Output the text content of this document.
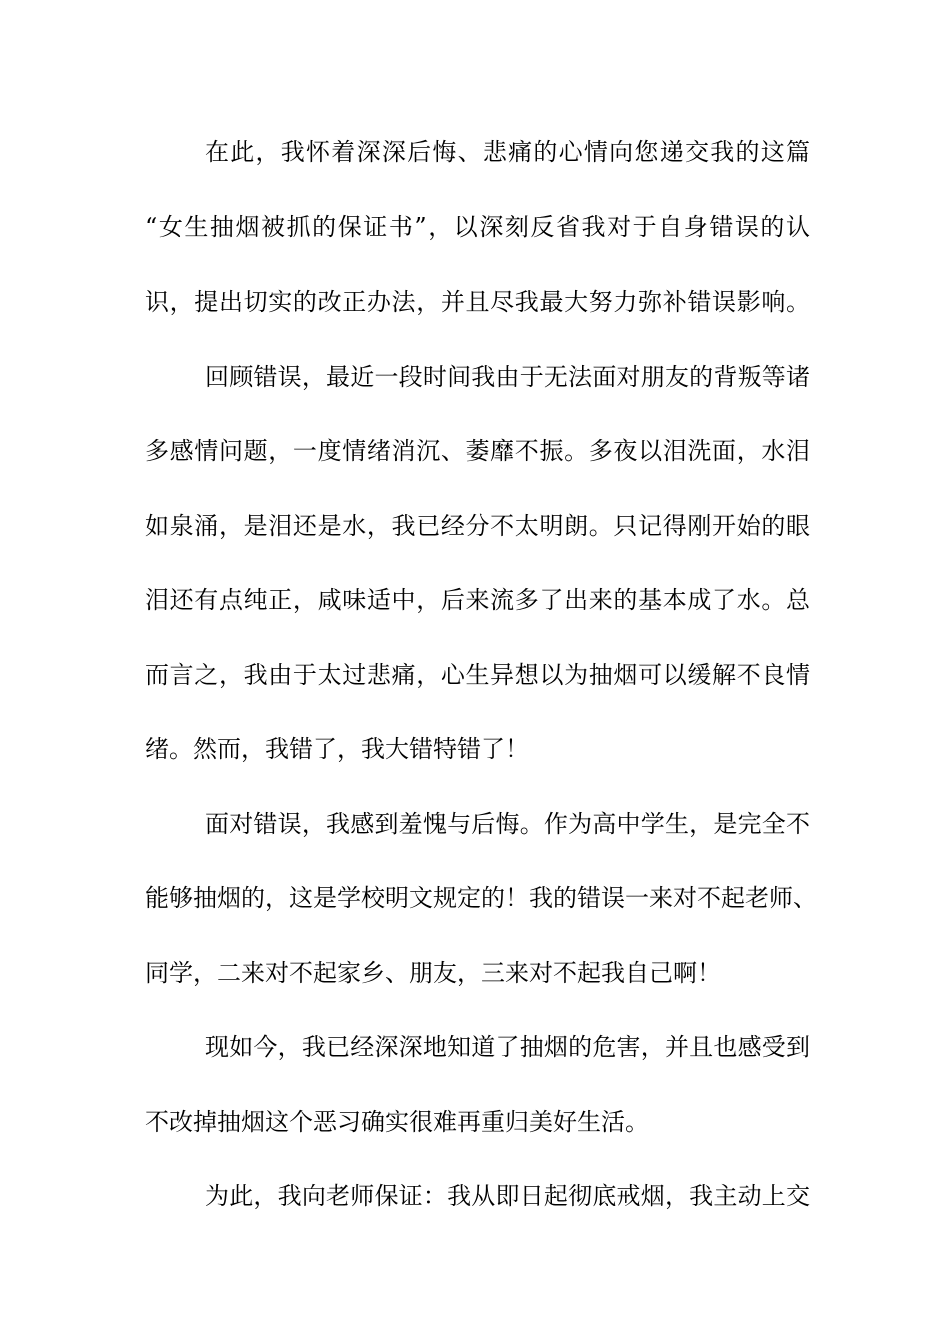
在此，我怀着深深后悔、悲痛的心情向您递交我的这篇
“女生抽烟被抓的保证书”，以深刻反省我对于自身错误的认
识，提出切实的改正办法，并且尽我最大努力弥补错误影响。
回顾错误，最近一段时间我由于无法面对朋友的背叛等诸
多感情问题，一度情绪消沉、萎靡不振。多夜以泪洗面，水泪
如泉涌，是泪还是水，我已经分不太明朗。只记得刚开始的眼
泪还有点纯正，咸味适中，后来流多了出来的基本成了水。总
而言之，我由于太过悲痛，心生异想以为抽烟可以缓解不良情
绪。然而，我错了，我大错特错了！
面对错误，我感到羞愧与后悔。作为高中学生，是完全不
能够抽烟的，这是学校明文规定的！我的错误一来对不起老师、
同学，二来对不起家乡、朋友，三来对不起我自己啊！
现如今，我已经深深地知道了抽烟的危害，并且也感受到
不改掉抽烟这个恶习确实很难再重归美好生活。
为此，我向老师保证：我从即日起彻底戒烟，我主动上交
